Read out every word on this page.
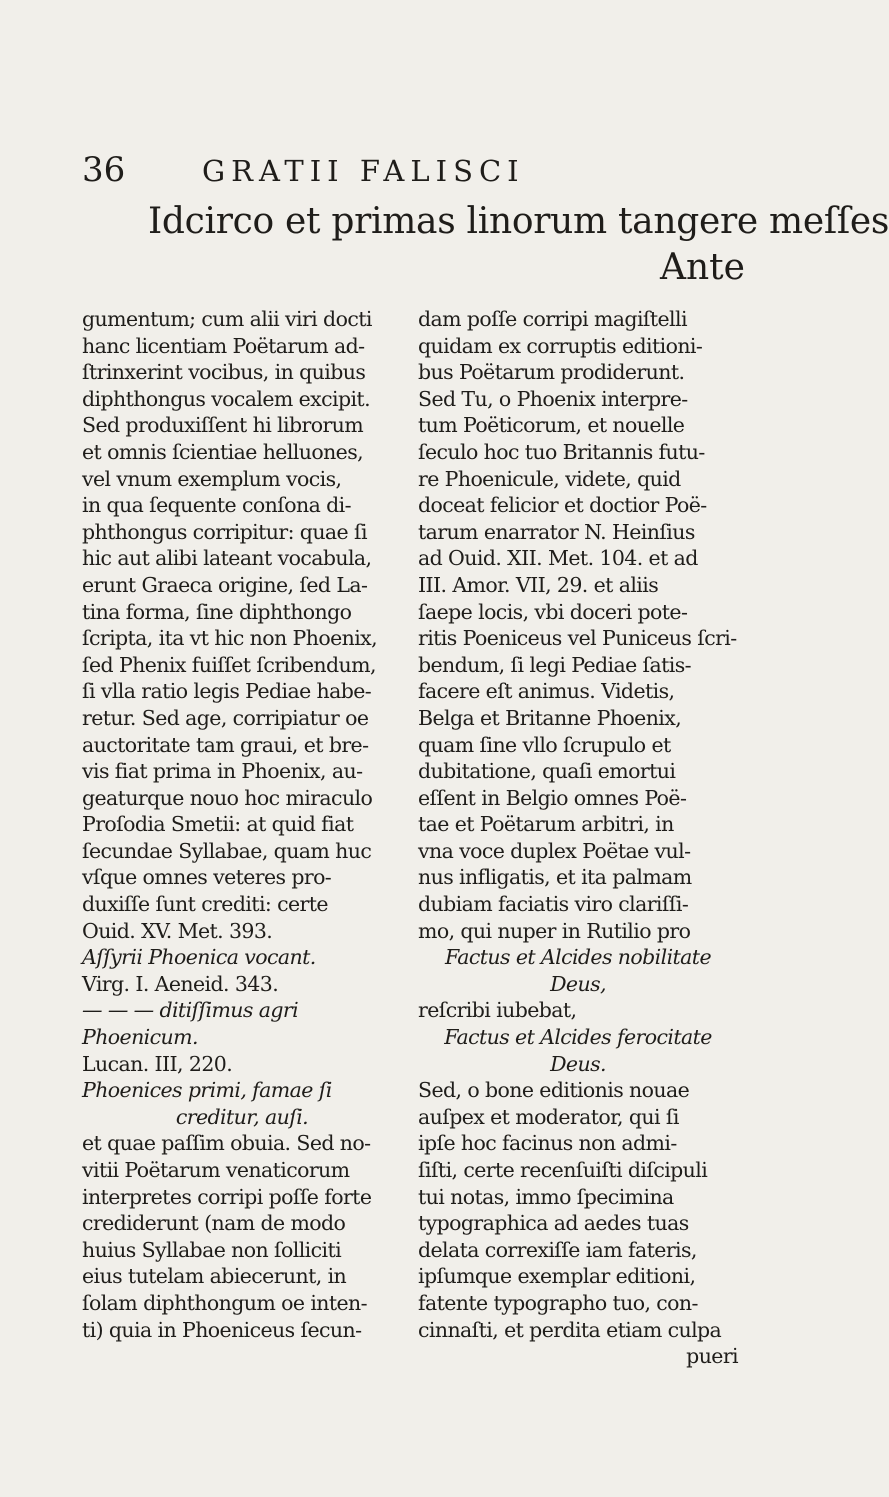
36	GRATII FALISCI
Idcirco et primas linorum tangere meſſes
Ante
gumentum; cum alii viri docti
hanc licentiam Poëtarum ad-
ſtrinxerint vocibus, in quibus
diphthongus vocalem excipit.
Sed produxiſſent hi librorum
et omnis ſcientiae helluones,
vel vnum exemplum vocis,
in qua ſequente conſona di-
phthongus corripitur: quae ſi
hic aut alibi lateant vocabula,
erunt Graeca origine, ſed La-
tina forma, ſine diphthongo
ſcripta, ita vt hic non Phoenix,
ſed Phenix fuiſſet ſcribendum,
ſi vlla ratio legis Pediae habe-
retur. Sed age, corripiatur oe
auctoritate tam graui, et bre-
vis fiat prima in Phoenix, au-
geaturque nouo hoc miraculo
Proſodia Smetii: at quid fiat
ſecundae Syllabae, quam huc
vſque omnes veteres pro-
duxiſſe ſunt crediti: certe
Ouid. XV. Met. 393.
Aſſyrii Phoenica vocant.
Virg. I. Aeneid. 343.
— — — ditiſſimus agri
Phoenicum.
Lucan. III, 220.
Phoenices primi, famae ſi
creditur, auſi.
et quae paſſim obuia. Sed no-
vitii Poëtarum venaticorum
interpretes corripi poſſe forte
crediderunt (nam de modo
huius Syllabae non ſolliciti
eius tutelam abiecerunt, in
ſolam diphthongum oe inten-
ti) quia in Phoeniceus ſecun-
dam poſſe corripi magiſtelli
quidam ex corruptis editioni-
bus Poëtarum prodiderunt.
Sed Tu, o Phoenix interpre-
tum Poëticorum, et nouelle
ſeculo hoc tuo Britannis futu-
re Phoenicule, videte, quid
doceat felicior et doctior Poë-
tarum enarrator N. Heinſius
ad Ouid. XII. Met. 104. et ad
III. Amor. VII, 29. et aliis
ſaepe locis, vbi doceri pote-
ritis Poeniceus vel Puniceus ſcri-
bendum, ſi legi Pediae ſatis-
facere eſt animus. Videtis,
Belga et Britanne Phoenix,
quam ſine vllo ſcrupulo et
dubitatione, quaſi emortui
eſſent in Belgio omnes Poë-
tae et Poëtarum arbitri, in
vna voce duplex Poëtae vul-
nus infligatis, et ita palmam
dubiam faciatis viro clariſſi-
mo, qui nuper in Rutilio pro
Factus et Alcides nobilitate
Deus,
reſcribi iubebat,
Factus et Alcides ferocitate
Deus.
Sed, o bone editionis nouae
auſpex et moderator, qui ſi
ipſe hoc facinus non admi-
ſiſti, certe recenſuiſti diſcipuli
tui notas, immo ſpecimina
typographica ad aedes tuas
delata correxiſſe iam fateris,
ipſumque exemplar editioni,
fatente typographo tuo, con-
cinnaſti, et perdita etiam culpa
pueri
